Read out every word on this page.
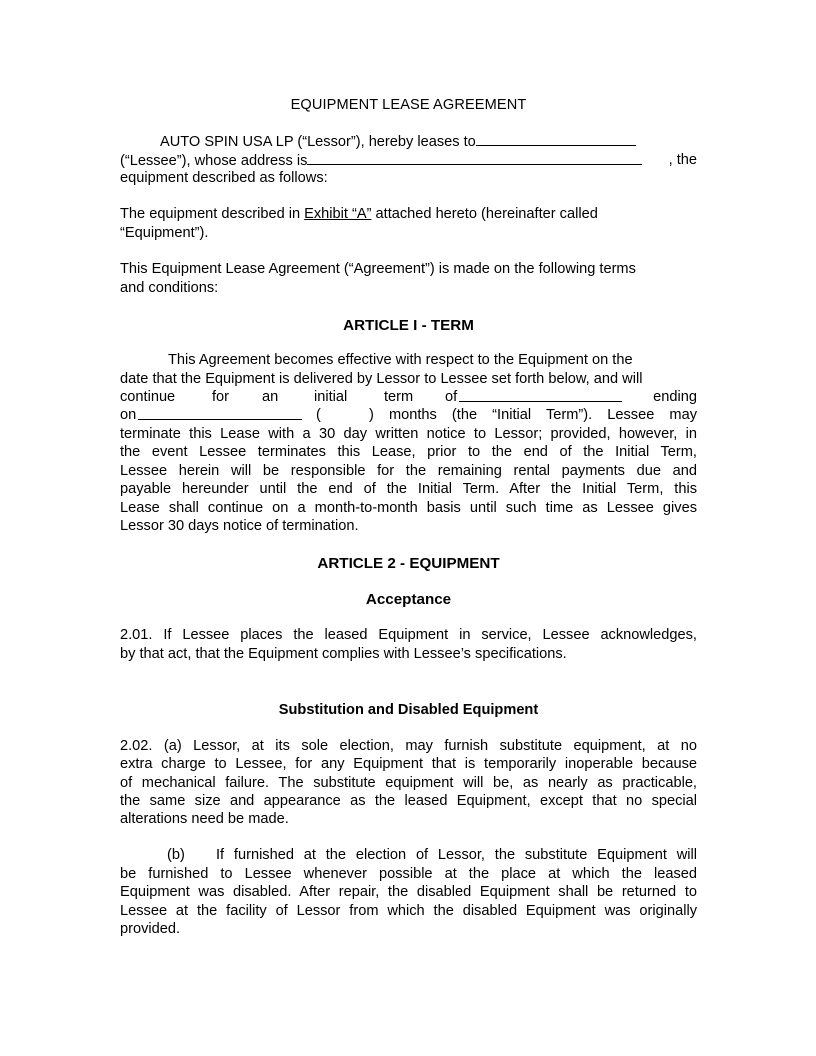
EQUIPMENT LEASE AGREEMENT
AUTO SPIN USA LP (“Lessor”), hereby leases to
(“Lessee”), whose address is	, the
equipment described as follows:
The equipment described in Exhibit “A” attached hereto (hereinafter called
“Equipment”).
This Equipment Lease Agreement (“Agreement”) is made on the following terms
and conditions:
ARTICLE I - TERM
This Agreement becomes effective with respect to the Equipment on the
date that the Equipment is delivered by Lessor to Lessee set forth below, and will
continue	for an initial	term of	ending
on	(	) months (the “Initial Term”). Lessee may
terminate this Lease with a 30 day written notice to Lessor; provided, however, in
the event Lessee terminates this Lease, prior to the end of the Initial Term,
Lessee herein will be responsible for the remaining rental payments due and
payable hereunder until the end of the Initial Term. After the Initial Term, this
Lease shall continue on a month-to-month basis until such time as Lessee gives
Lessor 30 days notice of termination.
ARTICLE 2 - EQUIPMENT
Acceptance
2.01. If Lessee places the leased Equipment in service, Lessee acknowledges,
by that act, that the Equipment complies with Lessee’s specifications.
Substitution and Disabled Equipment
2.02. (a) Lessor, at its sole election, may furnish substitute equipment, at no
extra charge to Lessee, for any Equipment that is temporarily inoperable because
of mechanical failure. The substitute equipment will be, as nearly as practicable,
the same size and appearance as the leased Equipment, except that no special
alterations need be made.
(b) If furnished at the election of Lessor, the substitute Equipment will
be furnished to Lessee whenever possible at the place at which the leased
Equipment was disabled. After repair, the disabled Equipment shall be returned to
Lessee at the facility of Lessor from which the disabled Equipment was originally
provided.
